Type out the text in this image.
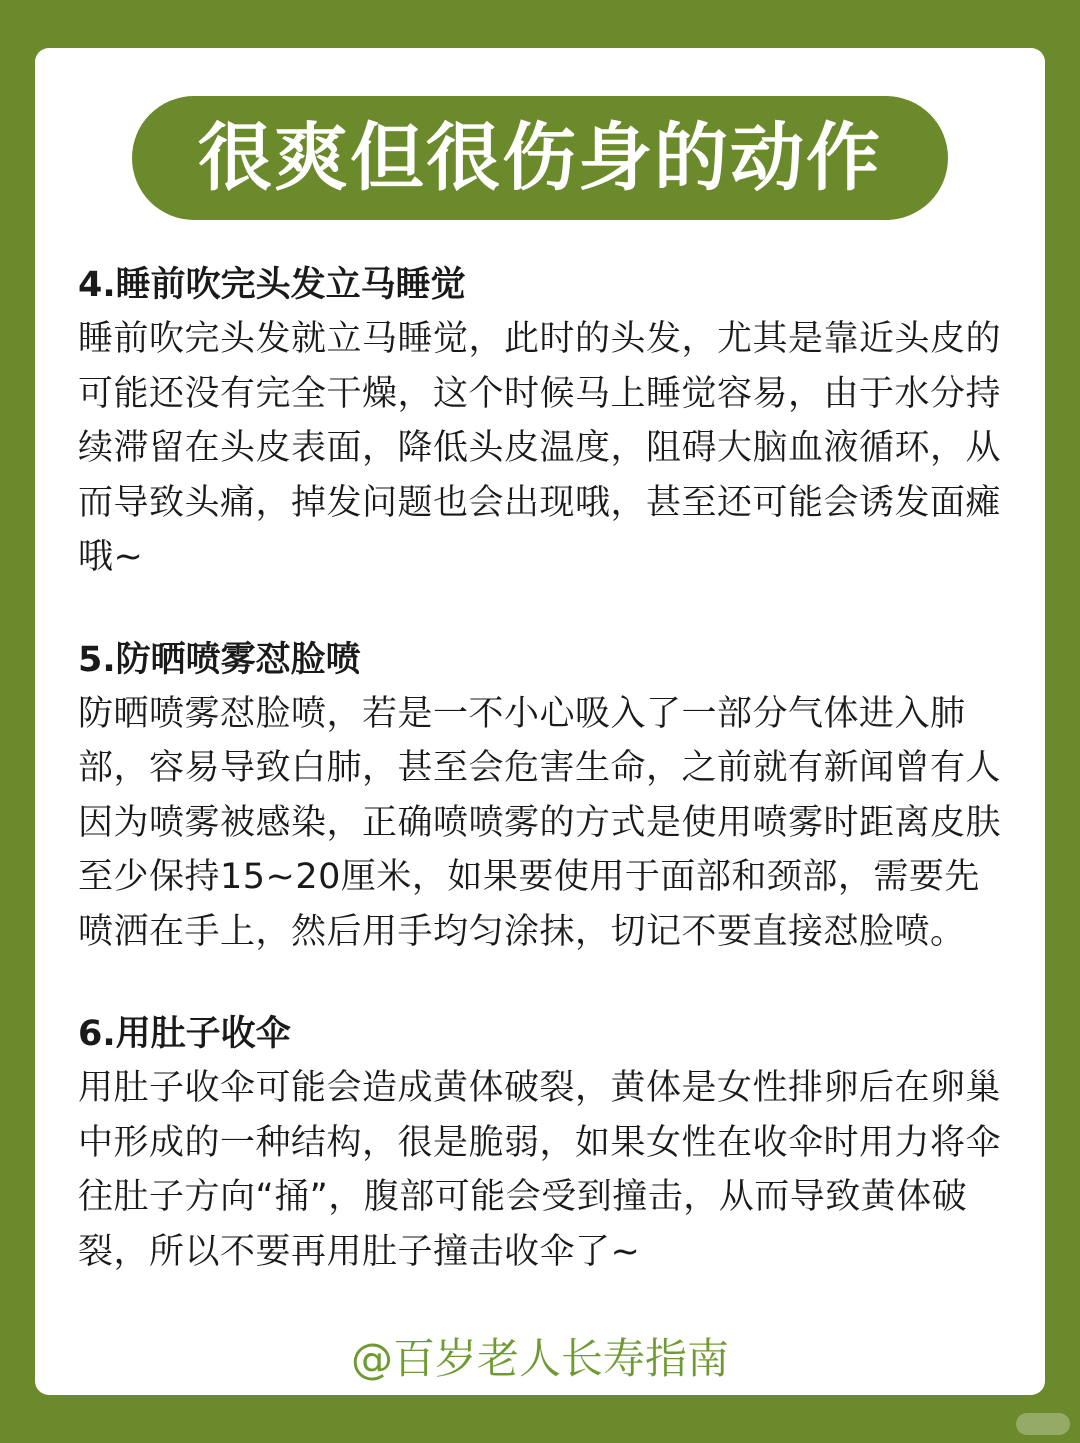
很爽但很伤身的动作

4.睡前吹完头发立马睡觉

睡前吹完头发就立马睡觉，此时的头发，尤其是靠近头皮的可能还没有完全干燥，这个时候马上睡觉容易，由于水分持续滞留在头皮表面，降低头皮温度，阻碍大脑血液循环，从而导致头痛，掉发问题也会出现哦，甚至还可能会诱发面瘫哦~

5.防晒喷雾怼脸喷

防晒喷雾怼脸喷，若是一不小心吸入了一部分气体进入肺部，容易导致白肺，甚至会危害生命，之前就有新闻曾有人因为喷雾被感染，正确喷喷雾的方式是使用喷雾时距离皮肤至少保持15~20厘米，如果要使用于面部和颈部，需要先喷洒在手上，然后用手均匀涂抹，切记不要直接怼脸喷。

6.用肚子收伞

用肚子收伞可能会造成黄体破裂，黄体是女性排卵后在卵巢中形成的一种结构，很是脆弱，如果女性在收伞时用力将伞往肚子方向“捅”，腹部可能会受到撞击，从而导致黄体破裂，所以不要再用肚子撞击收伞了~

@百岁老人长寿指南
